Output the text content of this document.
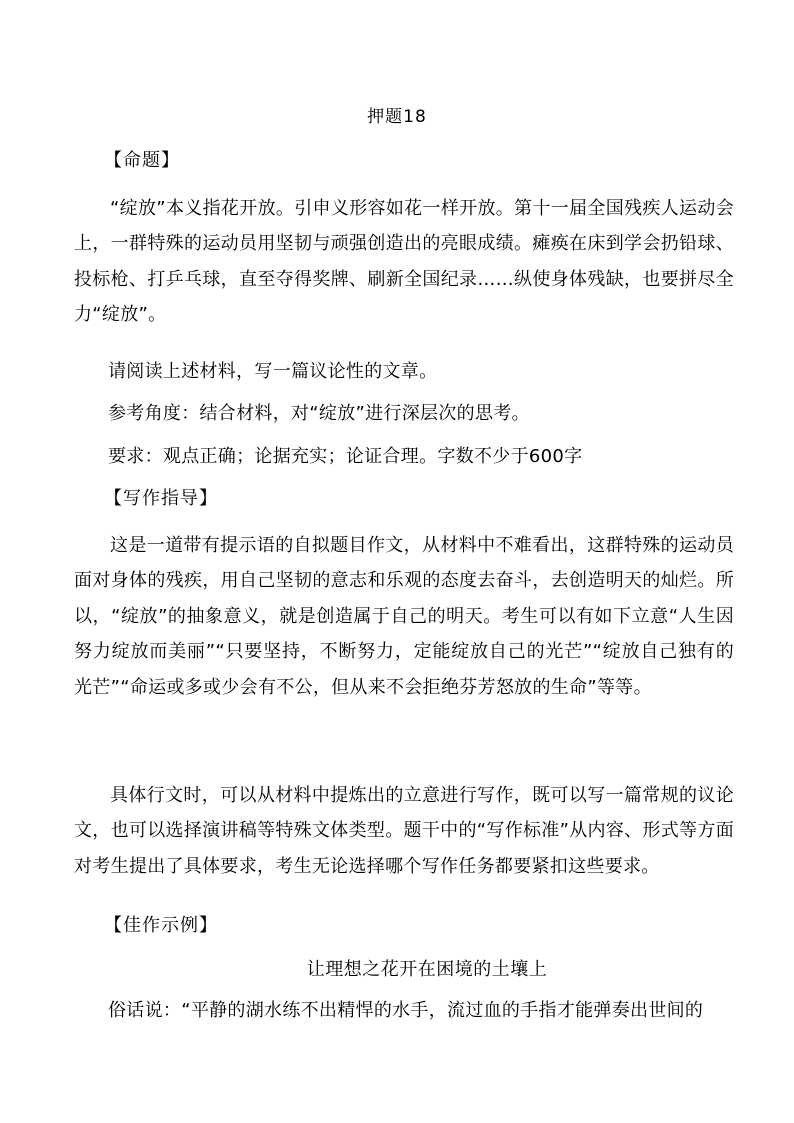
押题18
【命题】

“绽放”本义指花开放。引申义形容如花一样开放。第十一届全国残疾人运动会上，一群特殊的运动员用坚韧与顽强创造出的亮眼成绩。瘫痪在床到学会扔铅球、投标枪、打乒乓球，直至夺得奖牌、刷新全国纪录……纵使身体残缺，也要拼尽全力“绽放”。

请阅读上述材料，写一篇议论性的文章。
参考角度：结合材料，对“绽放”进行深层次的思考。
要求：观点正确；论据充实；论证合理。字数不少于600字
【写作指导】

这是一道带有提示语的自拟题目作文，从材料中不难看出，这群特殊的运动员面对身体的残疾，用自己坚韧的意志和乐观的态度去奋斗，去创造明天的灿烂。所以，“绽放”的抽象意义，就是创造属于自己的明天。考生可以有如下立意“人生因努力绽放而美丽”“只要坚持，不断努力，定能绽放自己的光芒”“绽放自己独有的光芒”“命运或多或少会有不公，但从来不会拒绝芬芳怒放的生命”等等。

具体行文时，可以从材料中提炼出的立意进行写作，既可以写一篇常规的议论文，也可以选择演讲稿等特殊文体类型。题干中的“写作标准”从内容、形式等方面对考生提出了具体要求，考生无论选择哪个写作任务都要紧扣这些要求。

【佳作示例】
让理想之花开在困境的土壤上
俗话说：“平静的湖水练不出精悍的水手，流过血的手指才能弹奏出世间的
